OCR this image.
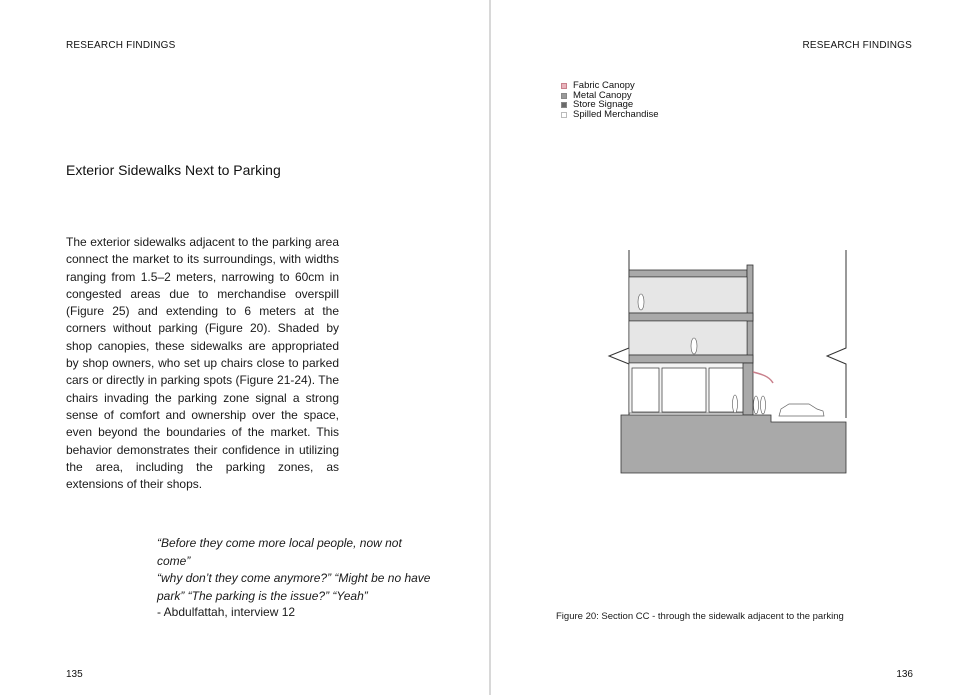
RESEARCH FINDINGS
Exterior Sidewalks Next to Parking
The exterior sidewalks adjacent to the parking area connect the market to its surroundings, with widths ranging from 1.5–2 meters, narrowing to 60cm in congested areas due to merchandise overspill (Figure 25) and extending to 6 meters at the corners without parking (Figure 20). Shaded by shop canopies, these sidewalks are appropriated by shop owners, who set up chairs close to parked cars or directly in parking spots (Figure 21-24). The chairs invading the parking zone signal a strong sense of comfort and ownership over the space, even beyond the boundaries of the market. This behavior demonstrates their confidence in utilizing the area, including the parking zones, as extensions of their shops.
“Before they come more local people, now not come”
“why don’t they come anymore?” “Might be no have
park” “The parking is the issue?” “Yeah”
- Abdulfattah, interview 12
135
RESEARCH FINDINGS
Fabric Canopy
Metal Canopy
Store Signage
Spilled Merchandise
Figure 20: Section CC - through the sidewalk adjacent to the parking
136
